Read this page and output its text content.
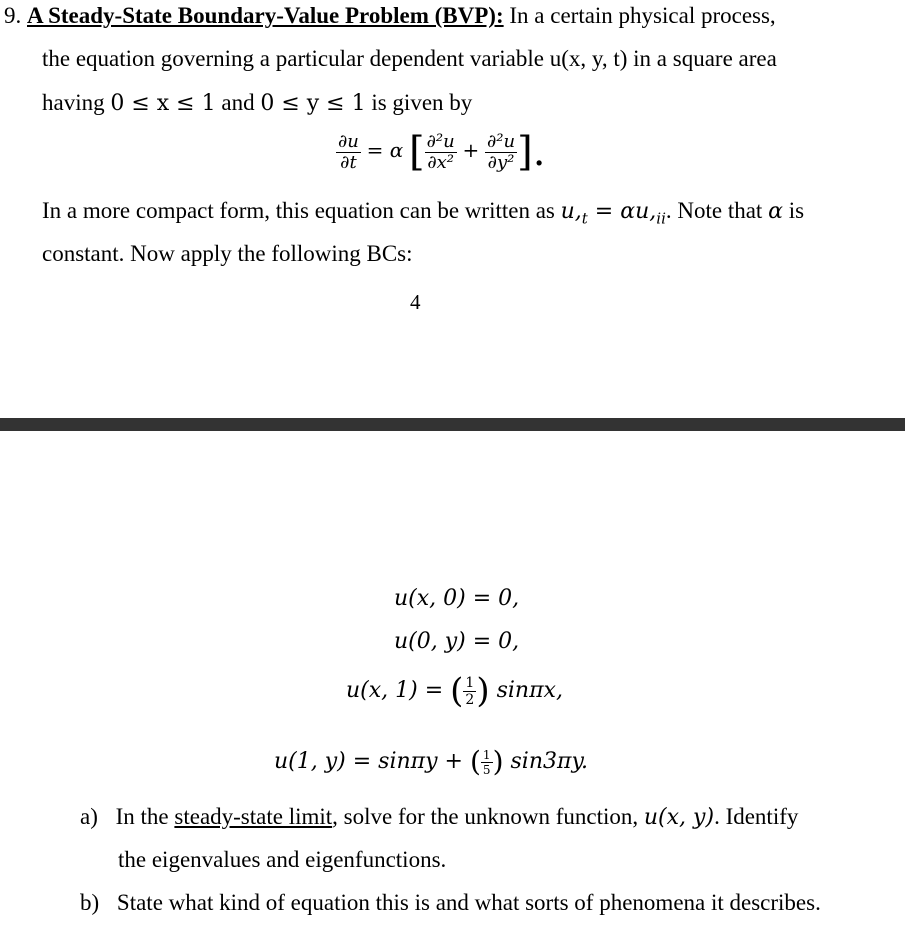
9. A Steady-State Boundary-Value Problem (BVP): In a certain physical process,
the equation governing a particular dependent variable u(x, y, t) in a square area
having 0 ≤ x ≤ 1 and 0 ≤ y ≤ 1 is given by
$\frac{\partial u}{\partial t} = \alpha$ [ $\frac{\text{∂²u}}{\text{∂x²}} + \frac{\text{∂²u}}{\text{∂y²}}$ ].
In a more compact form, this equation can be written as $u,_t = \alpha u,_{ii}$. Note that α is
constant. Now apply the following BCs:
4
u(x, 0) = 0,
u(0, y) = 0,
u(x, 1) = ( $\frac{1}{2}$ ) sinπx,
u(1, y) = sinπy + ( $\frac{1}{5}$ ) sin3πy.
a) In the steady-state limit, solve for the unknown function, u(x, y). Identify
the eigenvalues and eigenfunctions.
b) State what kind of equation this is and what sorts of phenomena it describes.
